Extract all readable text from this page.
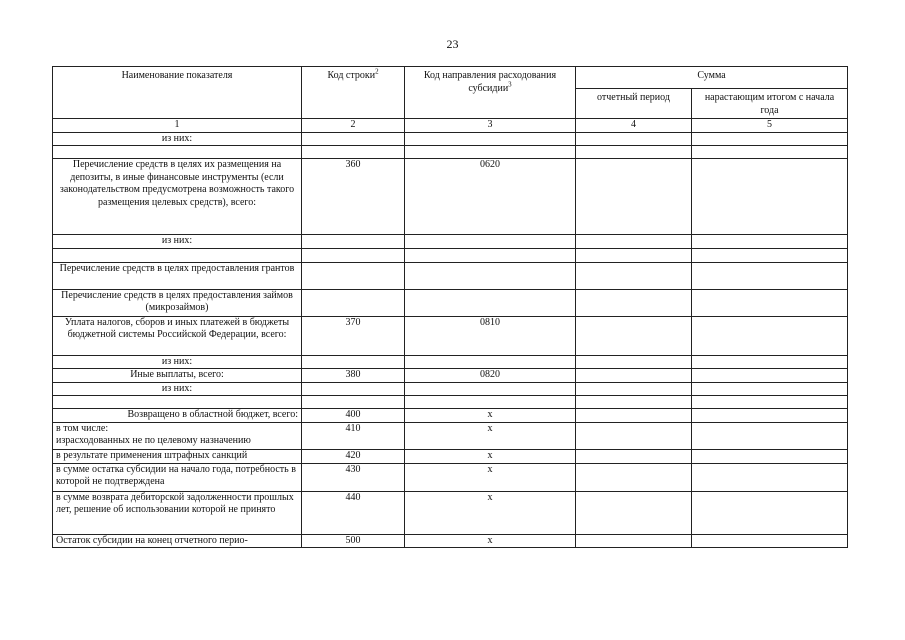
23
Наименование показателя	Код строки$^2$	Код направления расходования субсидии$^3$	Сумма	
			отчетный период	нарастающим итогом с начала года
1	2	3	4	5
из них:				

Перечисление средств в целях их размещения на депозиты, в иные финансовые инструменты (если законодательством предусмотрена возможность такого размещения целевых средств), всего:	360	0620		
из них:				

Перечисление средств в целях предоставления грантов				
Перечисление средств в целях предоставления займов (микрозаймов)				
Уплата налогов, сборов и иных платежей в бюджеты бюджетной системы Российской Федерации, всего:	370	0810		
из них:				
Иные выплаты, всего:	380	0820		
из них:				

Возвращено в областной бюджет, всего:	400	x		
в том числе:
израсходованных не по целевому назначению	410	x		
в результате применения штрафных санкций	420	x		
в сумме остатка субсидии на начало года, потребность в которой не подтверждена	430	x		
в сумме возврата дебиторской задолженности прошлых лет, решение об использовании которой не принято	440	x		
Остаток субсидии на конец отчетного перио-	500	x		
